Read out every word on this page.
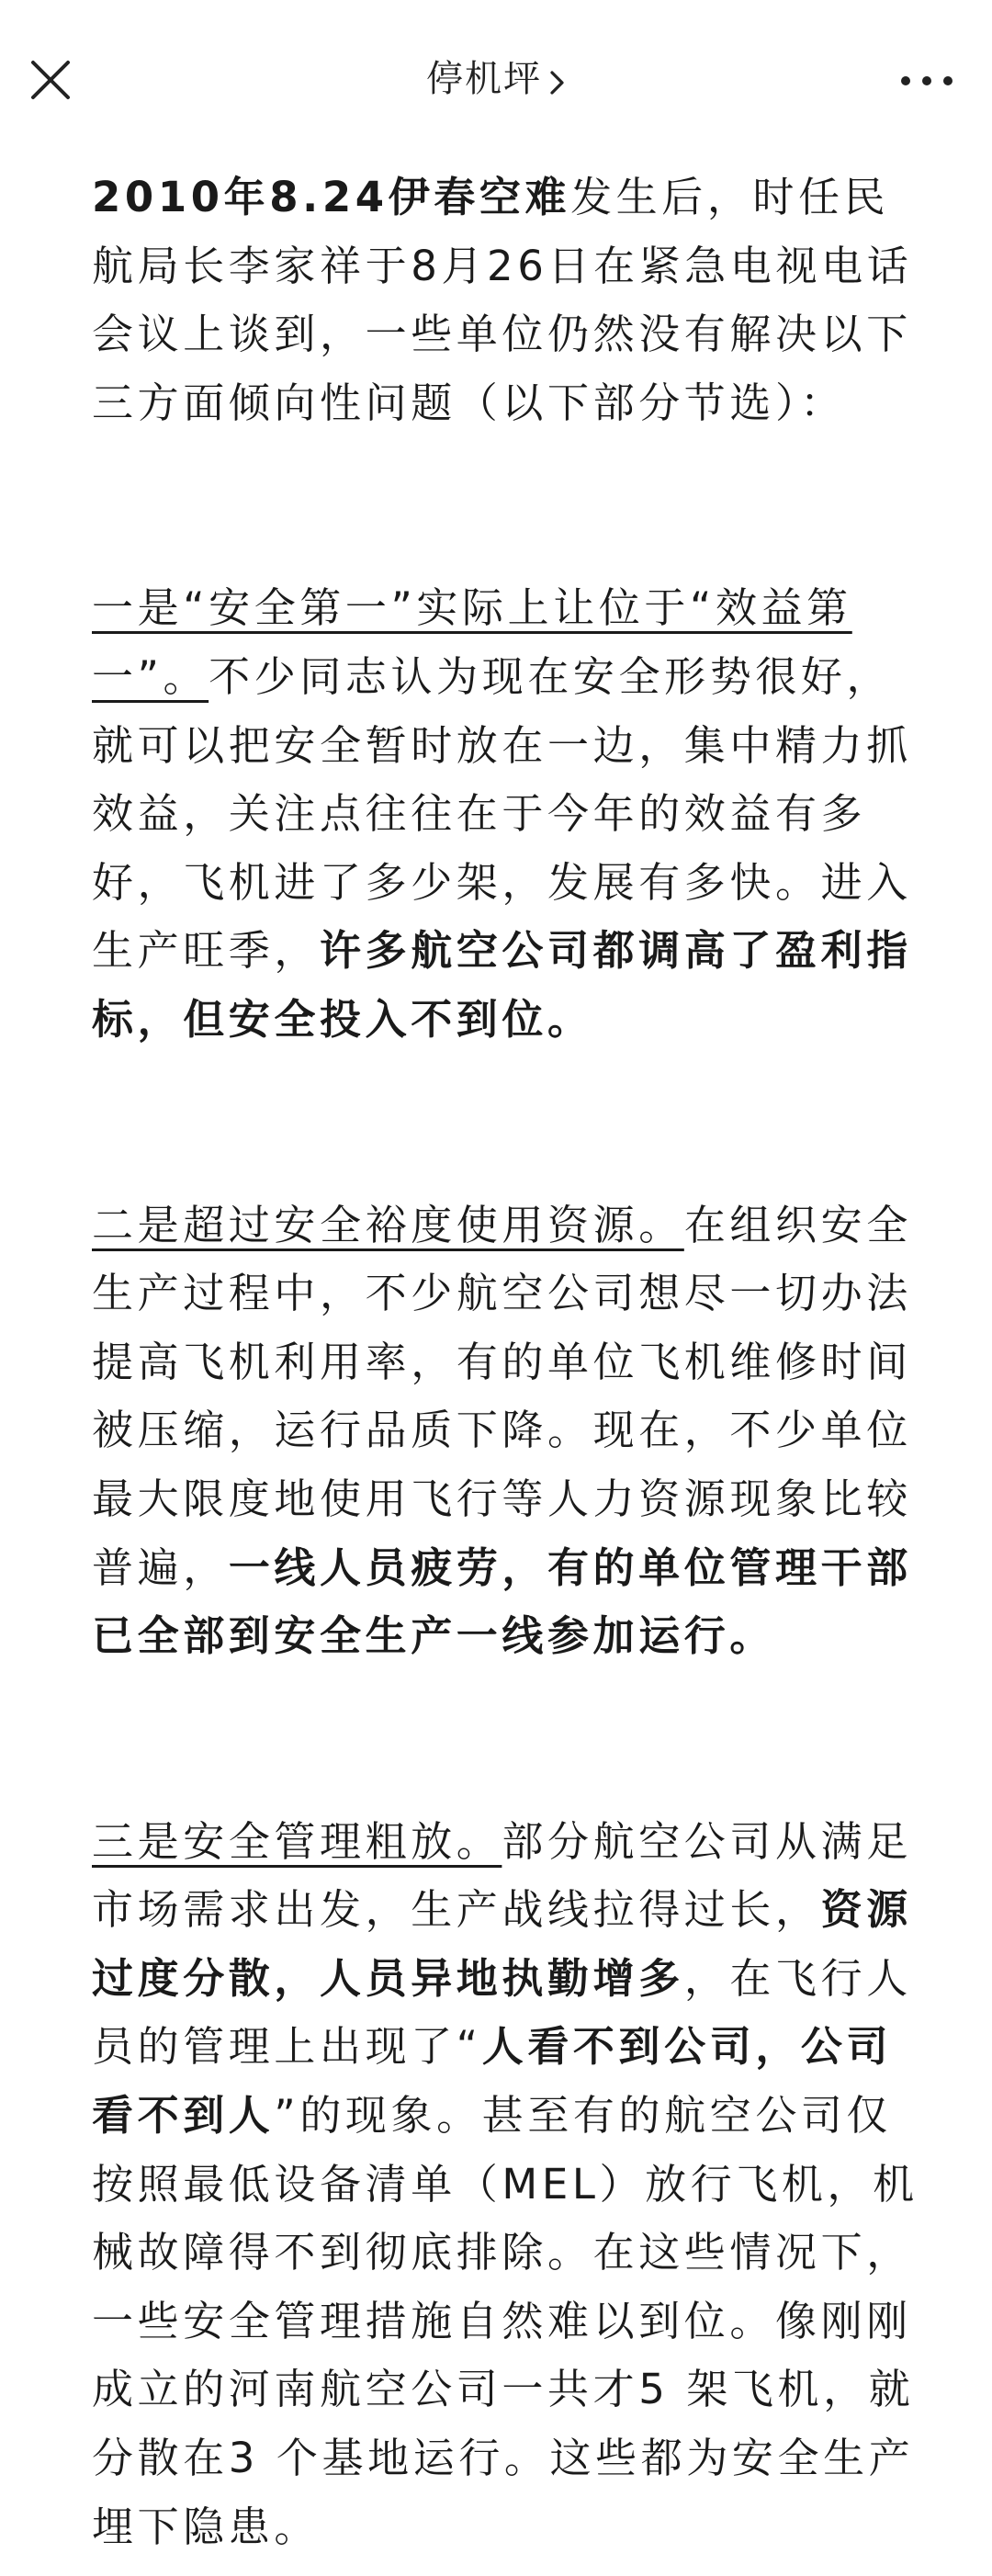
停机坪

2010年8.24伊春空难发生后，时任民航局长李家祥于8月26日在紧急电视电话会议上谈到，一些单位仍然没有解决以下三方面倾向性问题（以下部分节选）：

一是“安全第一”实际上让位于“效益第一”。不少同志认为现在安全形势很好，就可以把安全暂时放在一边，集中精力抓效益，关注点往往在于今年的效益有多好，飞机进了多少架，发展有多快。进入生产旺季，许多航空公司都调高了盈利指标，但安全投入不到位。

二是超过安全裕度使用资源。在组织安全生产过程中，不少航空公司想尽一切办法提高飞机利用率，有的单位飞机维修时间被压缩，运行品质下降。现在，不少单位最大限度地使用飞行等人力资源现象比较普遍，一线人员疲劳，有的单位管理干部已全部到安全生产一线参加运行。

三是安全管理粗放。部分航空公司从满足市场需求出发，生产战线拉得过长，资源过度分散，人员异地执勤增多，在飞行人员的管理上出现了“人看不到公司，公司看不到人”的现象。甚至有的航空公司仅按照最低设备清单（MEL）放行飞机，机械故障得不到彻底排除。在这些情况下，一些安全管理措施自然难以到位。像刚刚成立的河南航空公司一共才5 架飞机，就分散在3 个基地运行。这些都为安全生产埋下隐患。
